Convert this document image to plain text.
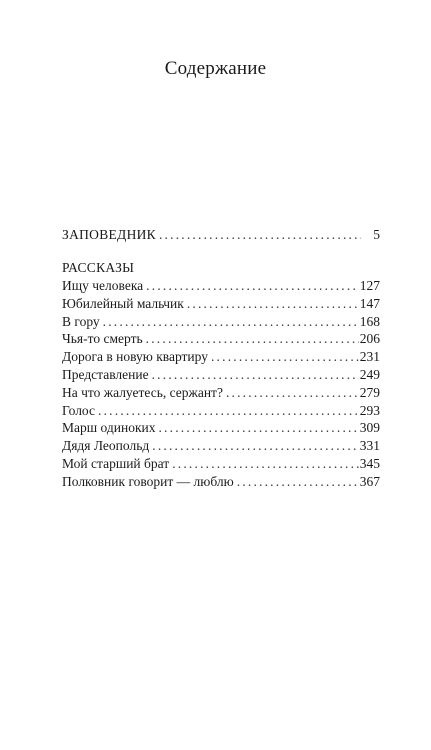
Содержание
ЗАПОВЕДНИК .....	5
РАССКАЗЫ
Ищу человека .....	127
Юбилейный мальчик .....	147
В гору .....	168
Чья-то смерть .....	206
Дорога в новую квартиру .....	231
Представление .....	249
На что жалуетесь, сержант? .....	279
Голос .....	293
Марш одиноких .....	309
Дядя Леопольд .....	331
Мой старший брат .....	345
Полковник говорит — люблю .....	367
